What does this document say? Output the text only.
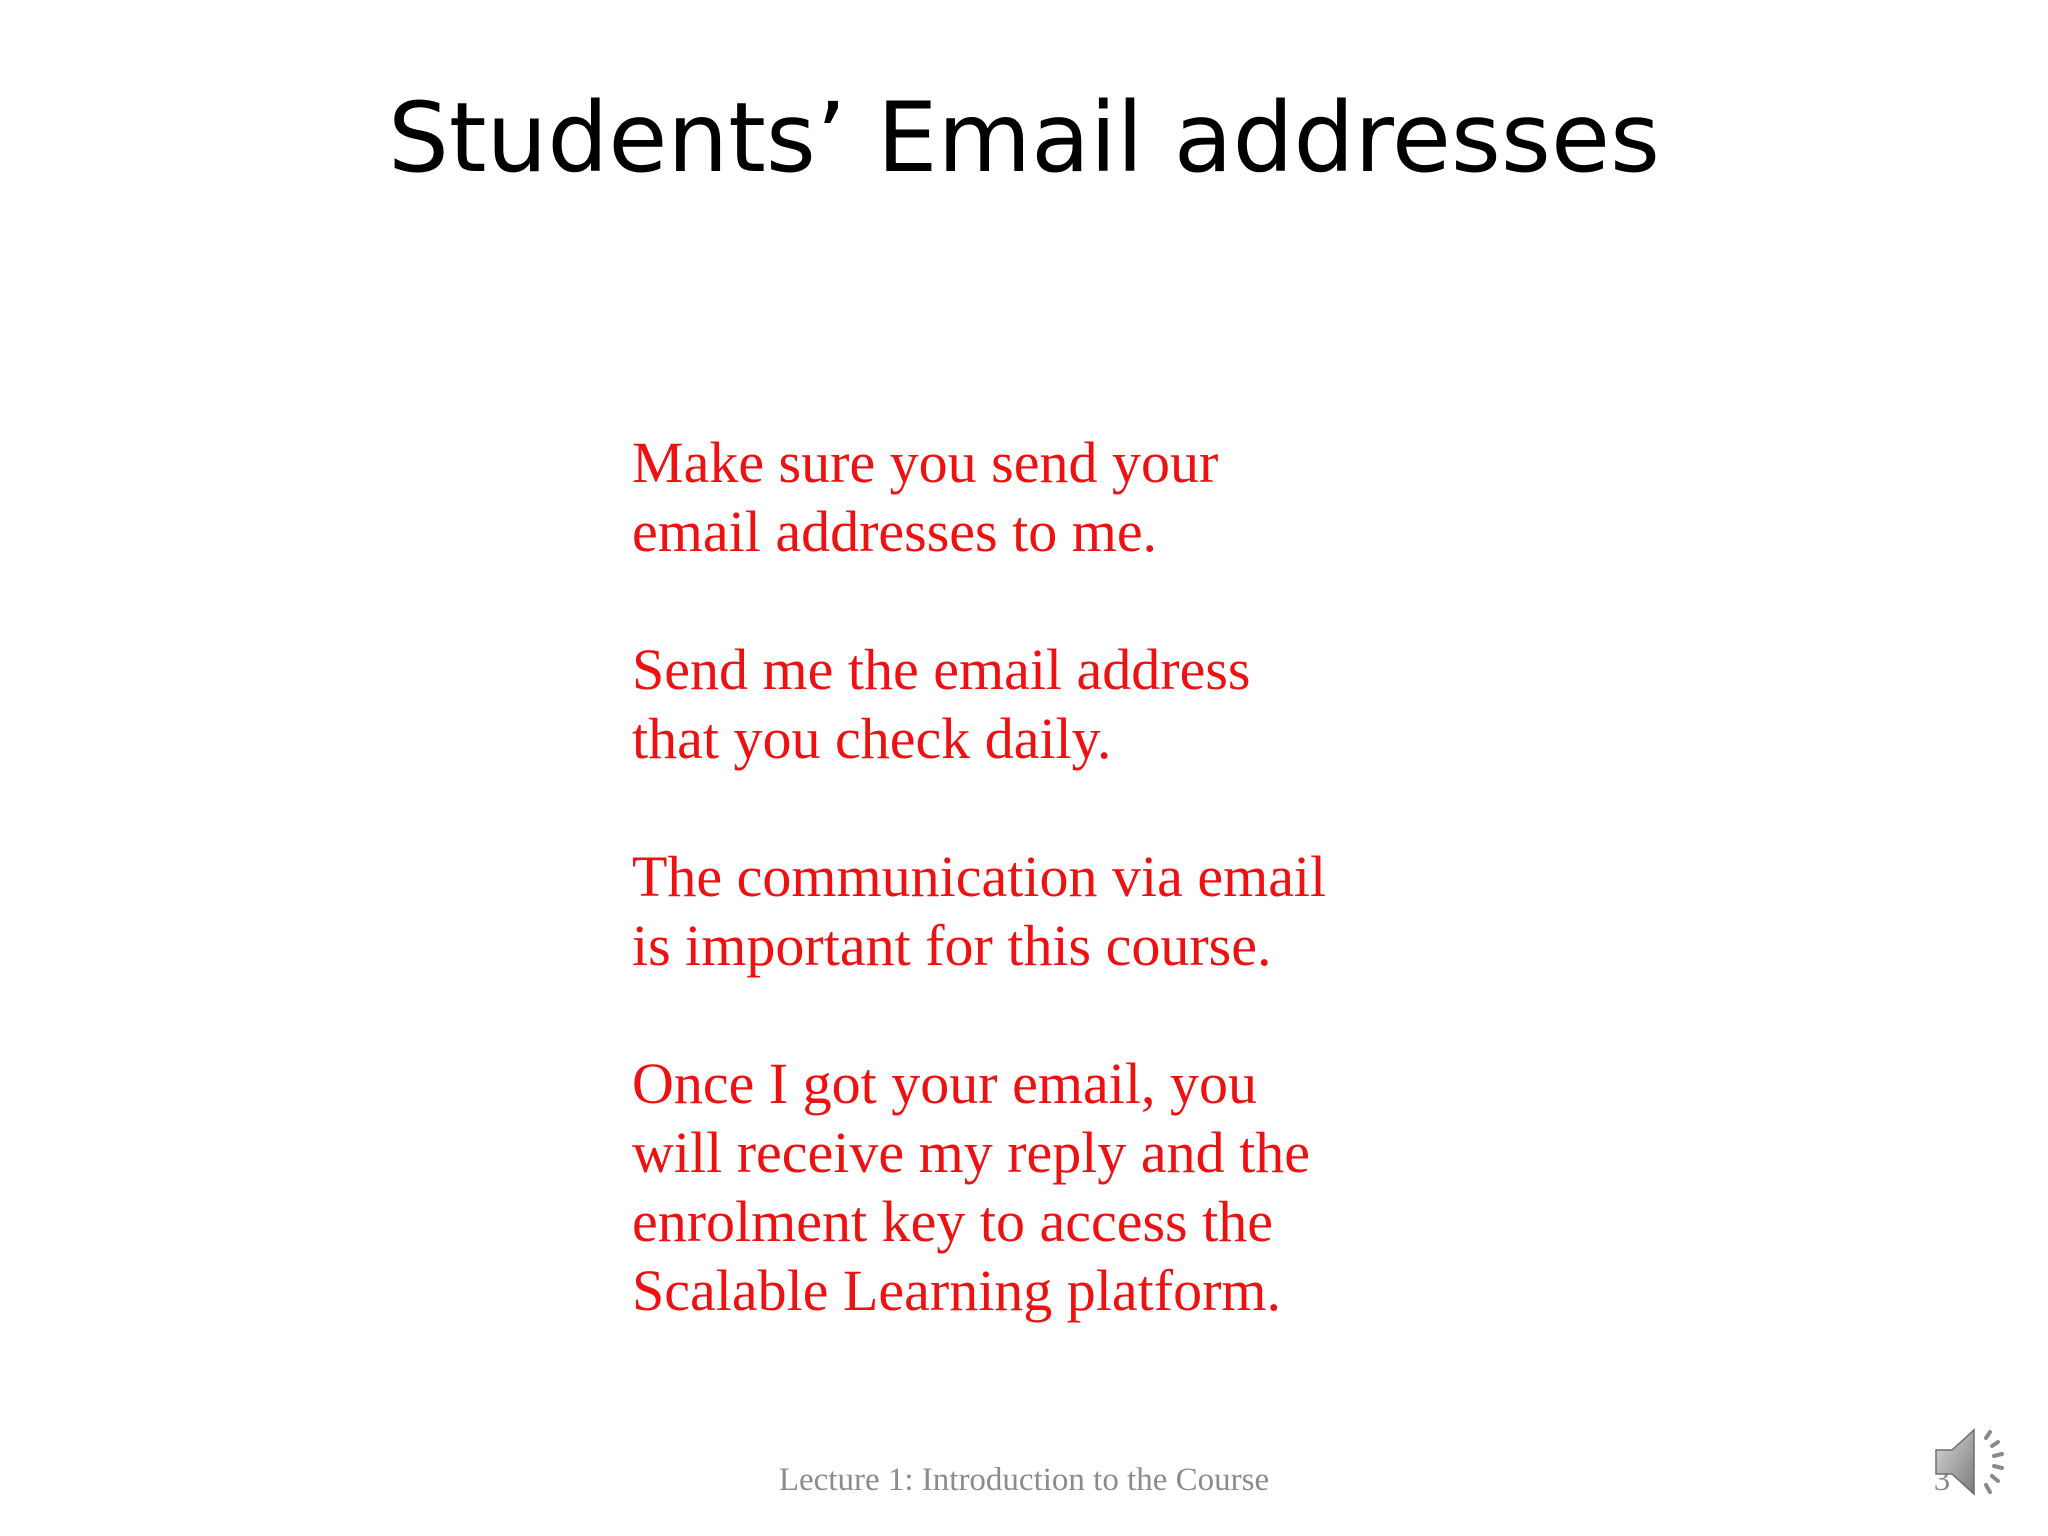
Students’ Email addresses

Make sure you send your
email addresses to me.

Send me the email address
that you check daily.

The communication via email
is important for this course.

Once I got your email, you
will receive my reply and the
enrolment key to access the
Scalable Learning platform.

Lecture 1: Introduction to the Course	3
